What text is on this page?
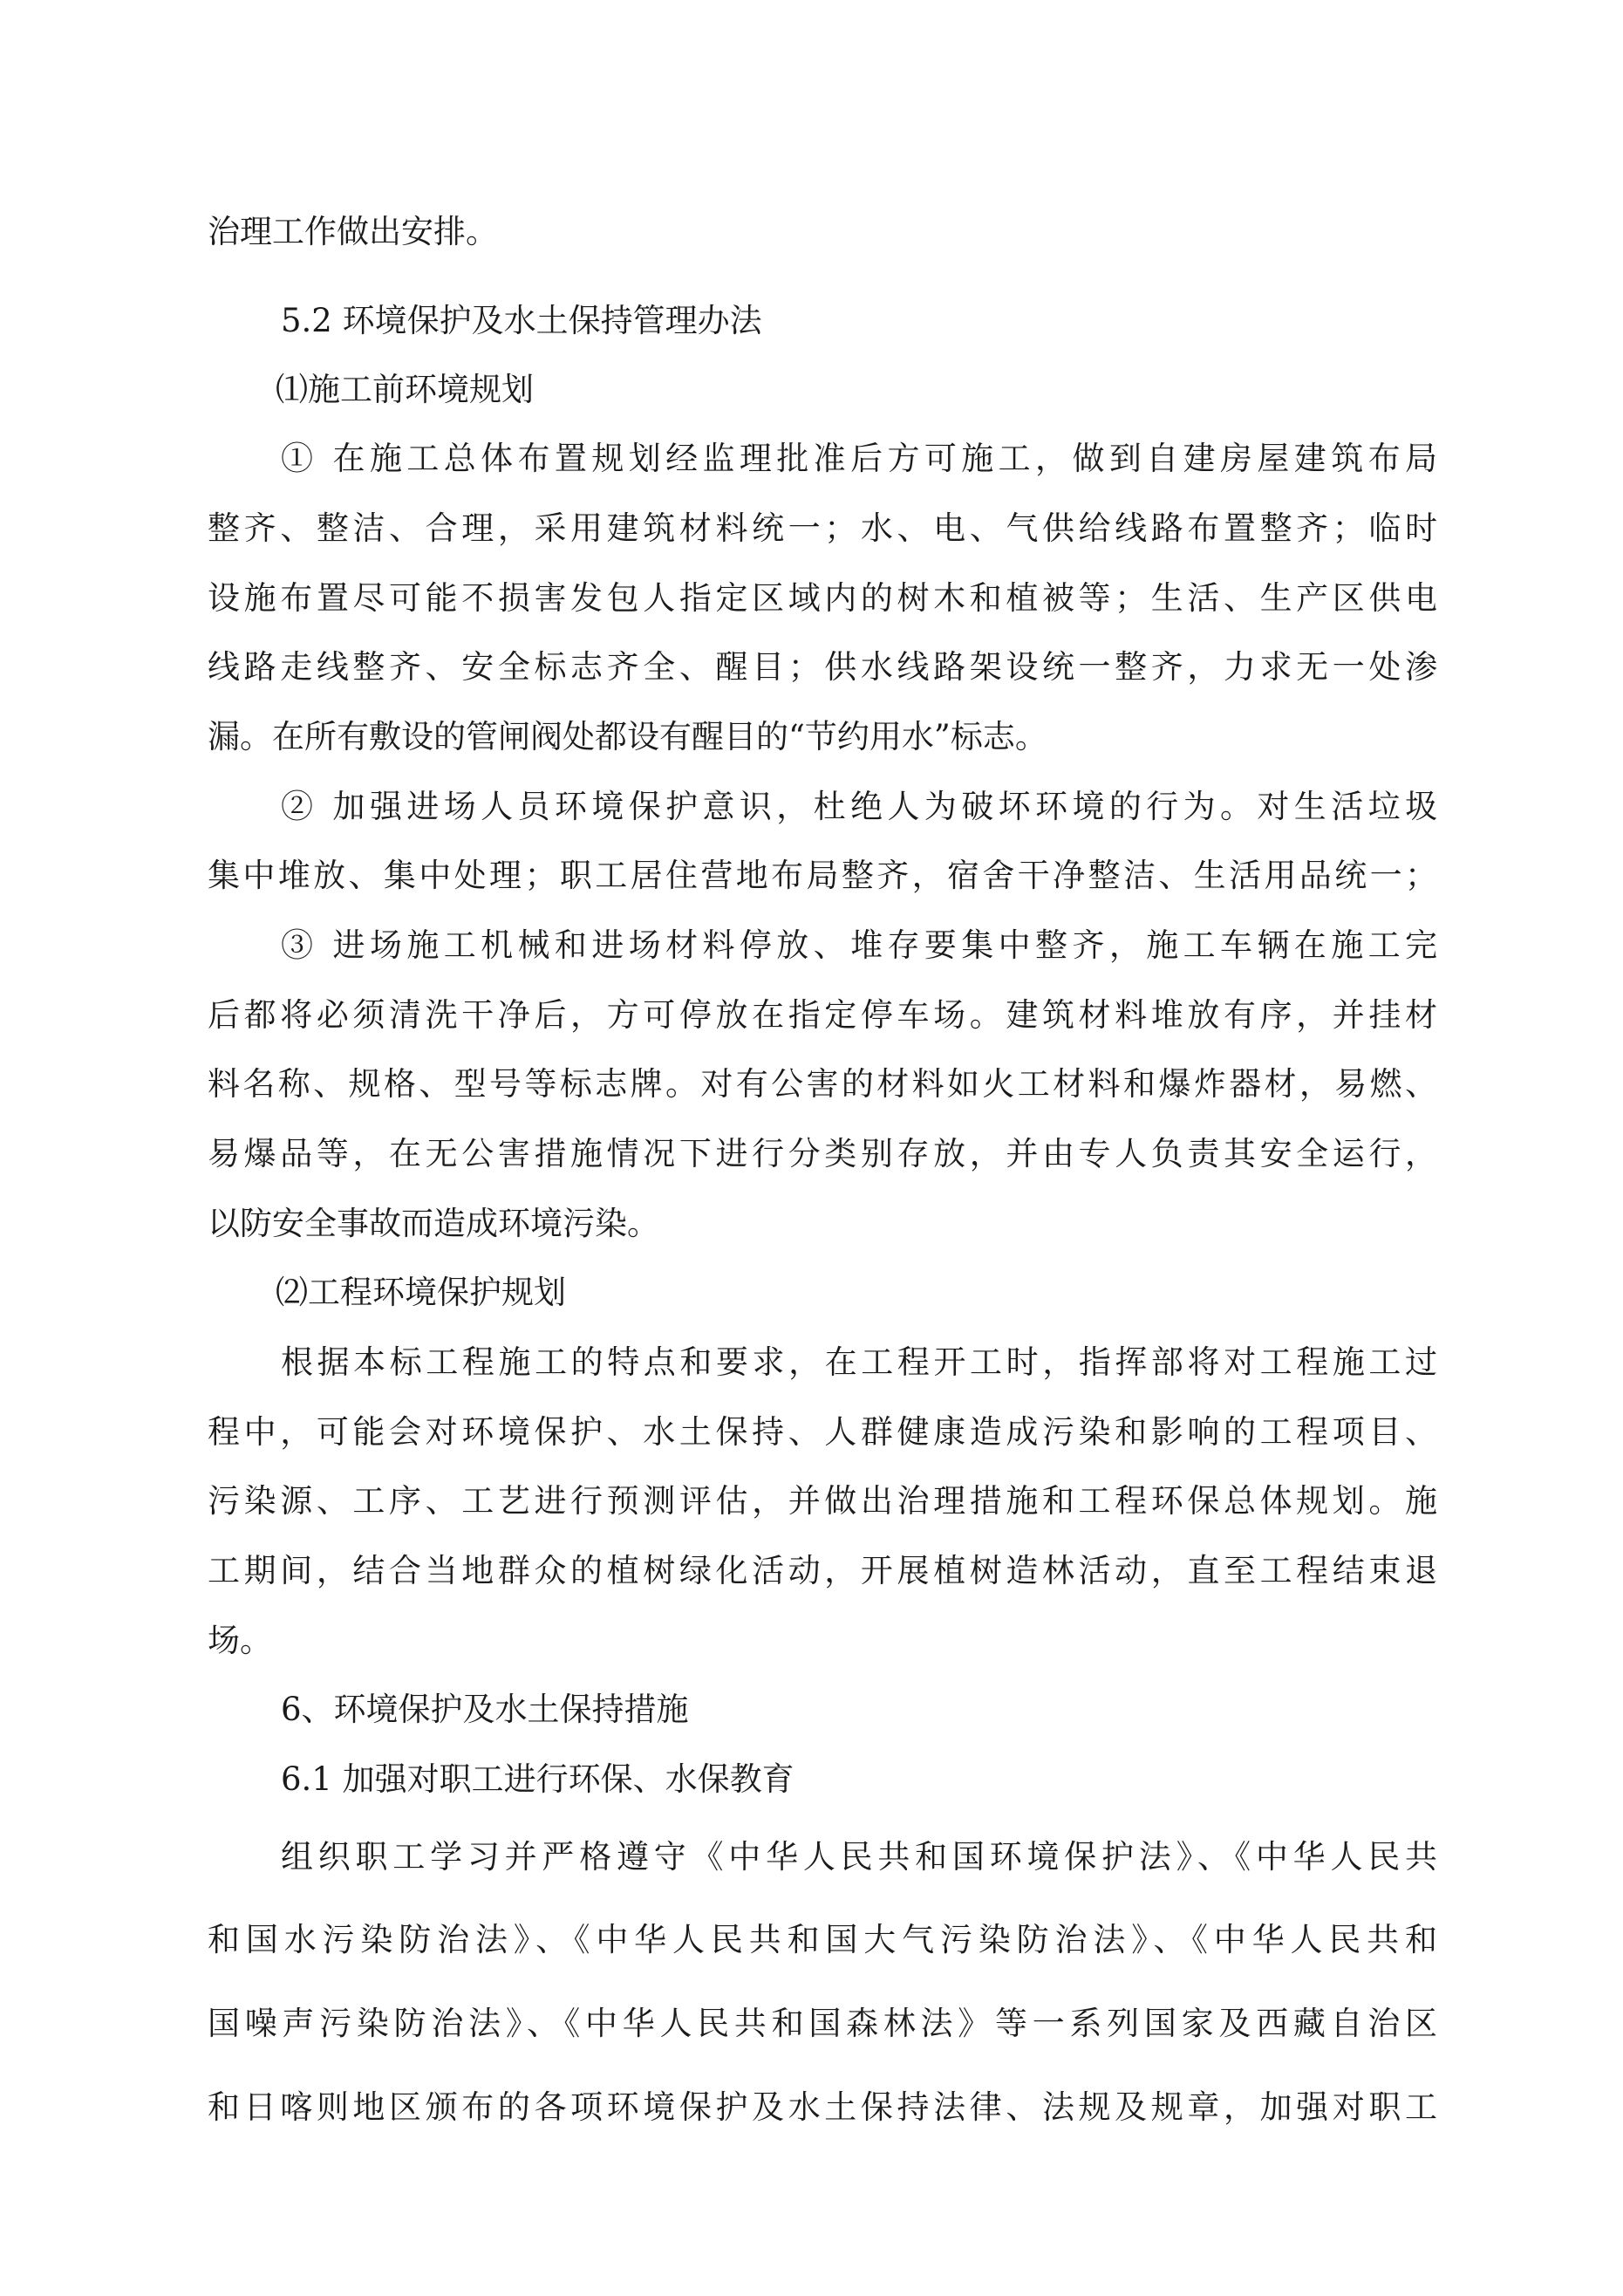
治理工作做出安排。
5.2 环境保护及水土保持管理办法
⑴施工前环境规划
① 在施工总体布置规划经监理批准后方可施工，做到自建房屋建筑布局
整齐、整洁、合理，采用建筑材料统一；水、电、气供给线路布置整齐；临时
设施布置尽可能不损害发包人指定区域内的树木和植被等；生活、生产区供电
线路走线整齐、安全标志齐全、醒目；供水线路架设统一整齐，力求无一处渗
漏。在所有敷设的管闸阀处都设有醒目的“节约用水”标志。
② 加强进场人员环境保护意识，杜绝人为破坏环境的行为。对生活垃圾
集中堆放、集中处理；职工居住营地布局整齐，宿舍干净整洁、生活用品统一；
③ 进场施工机械和进场材料停放、堆存要集中整齐，施工车辆在施工完
后都将必须清洗干净后，方可停放在指定停车场。建筑材料堆放有序，并挂材
料名称、规格、型号等标志牌。对有公害的材料如火工材料和爆炸器材，易燃、
易爆品等，在无公害措施情况下进行分类别存放，并由专人负责其安全运行，
以防安全事故而造成环境污染。
⑵工程环境保护规划
根据本标工程施工的特点和要求，在工程开工时，指挥部将对工程施工过
程中，可能会对环境保护、水土保持、人群健康造成污染和影响的工程项目、
污染源、工序、工艺进行预测评估，并做出治理措施和工程环保总体规划。施
工期间，结合当地群众的植树绿化活动，开展植树造林活动，直至工程结束退
场。
6、环境保护及水土保持措施
6.1 加强对职工进行环保、水保教育
组织职工学习并严格遵守《中华人民共和国环境保护法》、《中华人民共
和国水污染防治法》、《中华人民共和国大气污染防治法》、《中华人民共和
国噪声污染防治法》、《中华人民共和国森林法》等一系列国家及西藏自治区
和日喀则地区颁布的各项环境保护及水土保持法律、法规及规章，加强对职工
